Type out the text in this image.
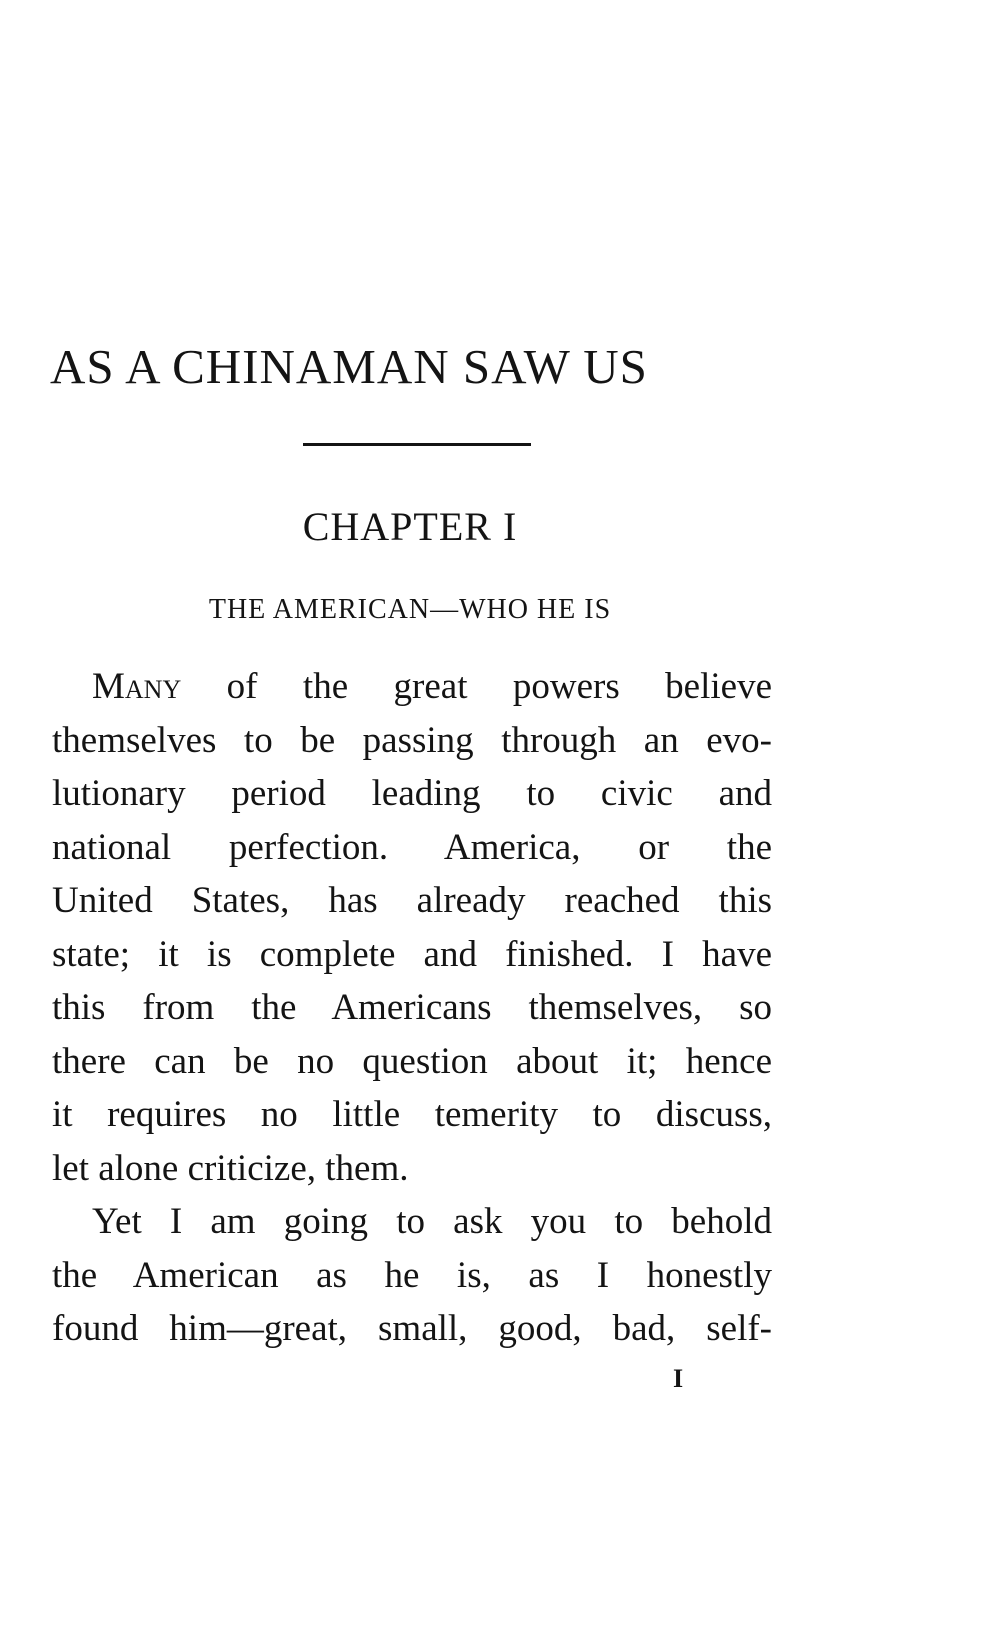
AS A CHINAMAN SAW US
CHAPTER I
THE AMERICAN—WHO HE IS
Many of the great powers believe
themselves to be passing through an evo-
lutionary period leading to civic and
national perfection. America, or the
United States, has already reached this
state; it is complete and finished. I have
this from the Americans themselves, so
there can be no question about it; hence
it requires no little temerity to discuss,
let alone criticize, them.
Yet I am going to ask you to behold
the American as he is, as I honestly
found him—great, small, good, bad, self-
I
